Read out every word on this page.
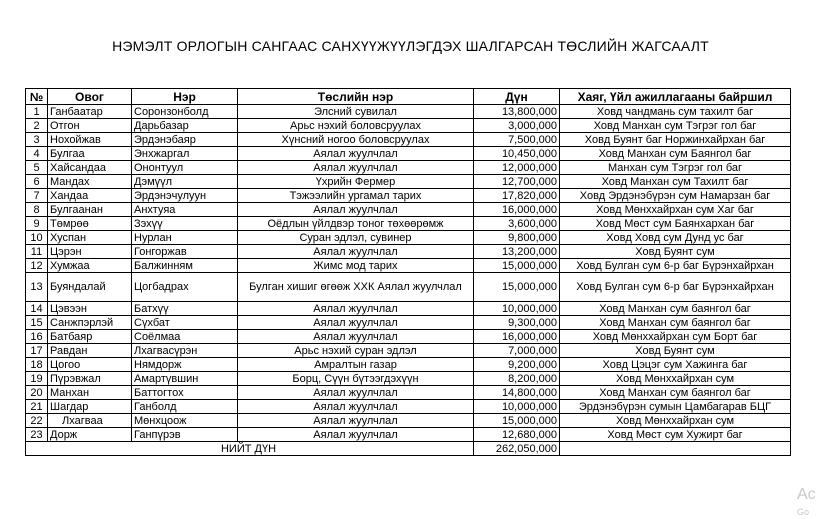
НЭМЭЛТ ОРЛОГЫН САНГААС САНХҮҮЖҮҮЛЭГДЭХ ШАЛГАРСАН ТӨСЛИЙН ЖАГСААЛТ
№	Овог	Нэр	Төслийн нэр	Дүн	Хаяг, Үйл ажиллагааны байршил
1	Ганбаатар	Соронзонболд	Элсний сувилал	13,800,000	Ховд чандмань сум тахилт баг
2	Отгон	Дарьбазар	Арьс нэхий боловсруулах	3,000,000	Ховд Манхан сум Тэгрэг гол баг
3	Нохойжав	Эрдэнэбаяр	Хүнсний ногоо боловсруулах	7,500,000	Ховд Буянт баг Норжинхайрхан баг
4	Булгаа	Энхжаргал	Аялал жуулчлал	10,450,000	Ховд Манхан сум Баянгол баг
5	Хайсандаа	Ононтуул	Аялал жуулчлал	12,000,000	Манхан сум Тэгрэг гол баг
6	Мандах	Дэмүүл	Үхрийн Фермер	12,700,000	Ховд Манхан сум Тахилт баг
7	Хандаа	Эрдэнэчулуун	Тэжээлийн ургамал тарих	17,820,000	Ховд Эрдэнэбүрэн сум Намарзан баг
8	Булгаанан	Анхтуяа	Аялал жуулчлал	16,000,000	Ховд Мөнххайрхан сум Хаг баг
9	Төмрөө	Зэхүү	Оёдлын үйлдвэр тоног төхөөрөмж	3,600,000	Ховд Мөст сум Баянхархан баг
10	Хуспан	Нурлан	Суран эдлэл, сувинер	9,800,000	Ховд Ховд сум Дунд ус баг
11	Цэрэн	Гонгоржав	Аялал жуулчлал	13,200,000	Ховд Буянт сум
12	Хумжаа	Балжинням	Жимс мод тарих	15,000,000	Ховд Булган сум 6-р баг Бүрэнхайрхан
13	Буяндалай	Цогбадрах	Булган хишиг өгөөж ХХК Аялал жуулчлал	15,000,000	Ховд Булган сум 6-р баг Бүрэнхайрхан
14	Цэвээн	Батхүү	Аялал жуулчлал	10,000,000	Ховд Манхан сум баянгол баг
15	Санжпэрлэй	Сүхбат	Аялал жуулчлал	9,300,000	Ховд Манхан сум баянгол баг
16	Батбаяр	Соёлмаа	Аялал жуулчлал	16,000,000	Ховд Мөнххайрхан сум Борт баг
17	Равдан	Лхагвасүрэн	Арьс нэхий суран эдлэл	7,000,000	Ховд Буянт сум
18	Цогоо	Нямдорж	Амралтын газар	9,200,000	Ховд Цэцэг сум Хажинга баг
19	Пүрэвжал	Амартүвшин	Борц, Сүүн бүтээгдэхүүн	8,200,000	Ховд Мөнххайрхан сум
20	Манхан	Баттогтох	Аялал жуулчлал	14,800,000	Ховд Манхан сум баянгол баг
21	Шагдар	Ганболд	Аялал жуулчлал	10,000,000	Эрдэнэбүрэн сумын Цамбагарав БЦГ
22	Лхагваа	Мөнхцоож	Аялал жуулчлал	15,000,000	Ховд Мөнххайрхан сум
23	Дорж	Ганпүрэв	Аялал жуулчлал	12,680,000	Ховд Мөст сум Хужирт баг
НИЙТ ДҮН				262,050,000	
Ac
Go
